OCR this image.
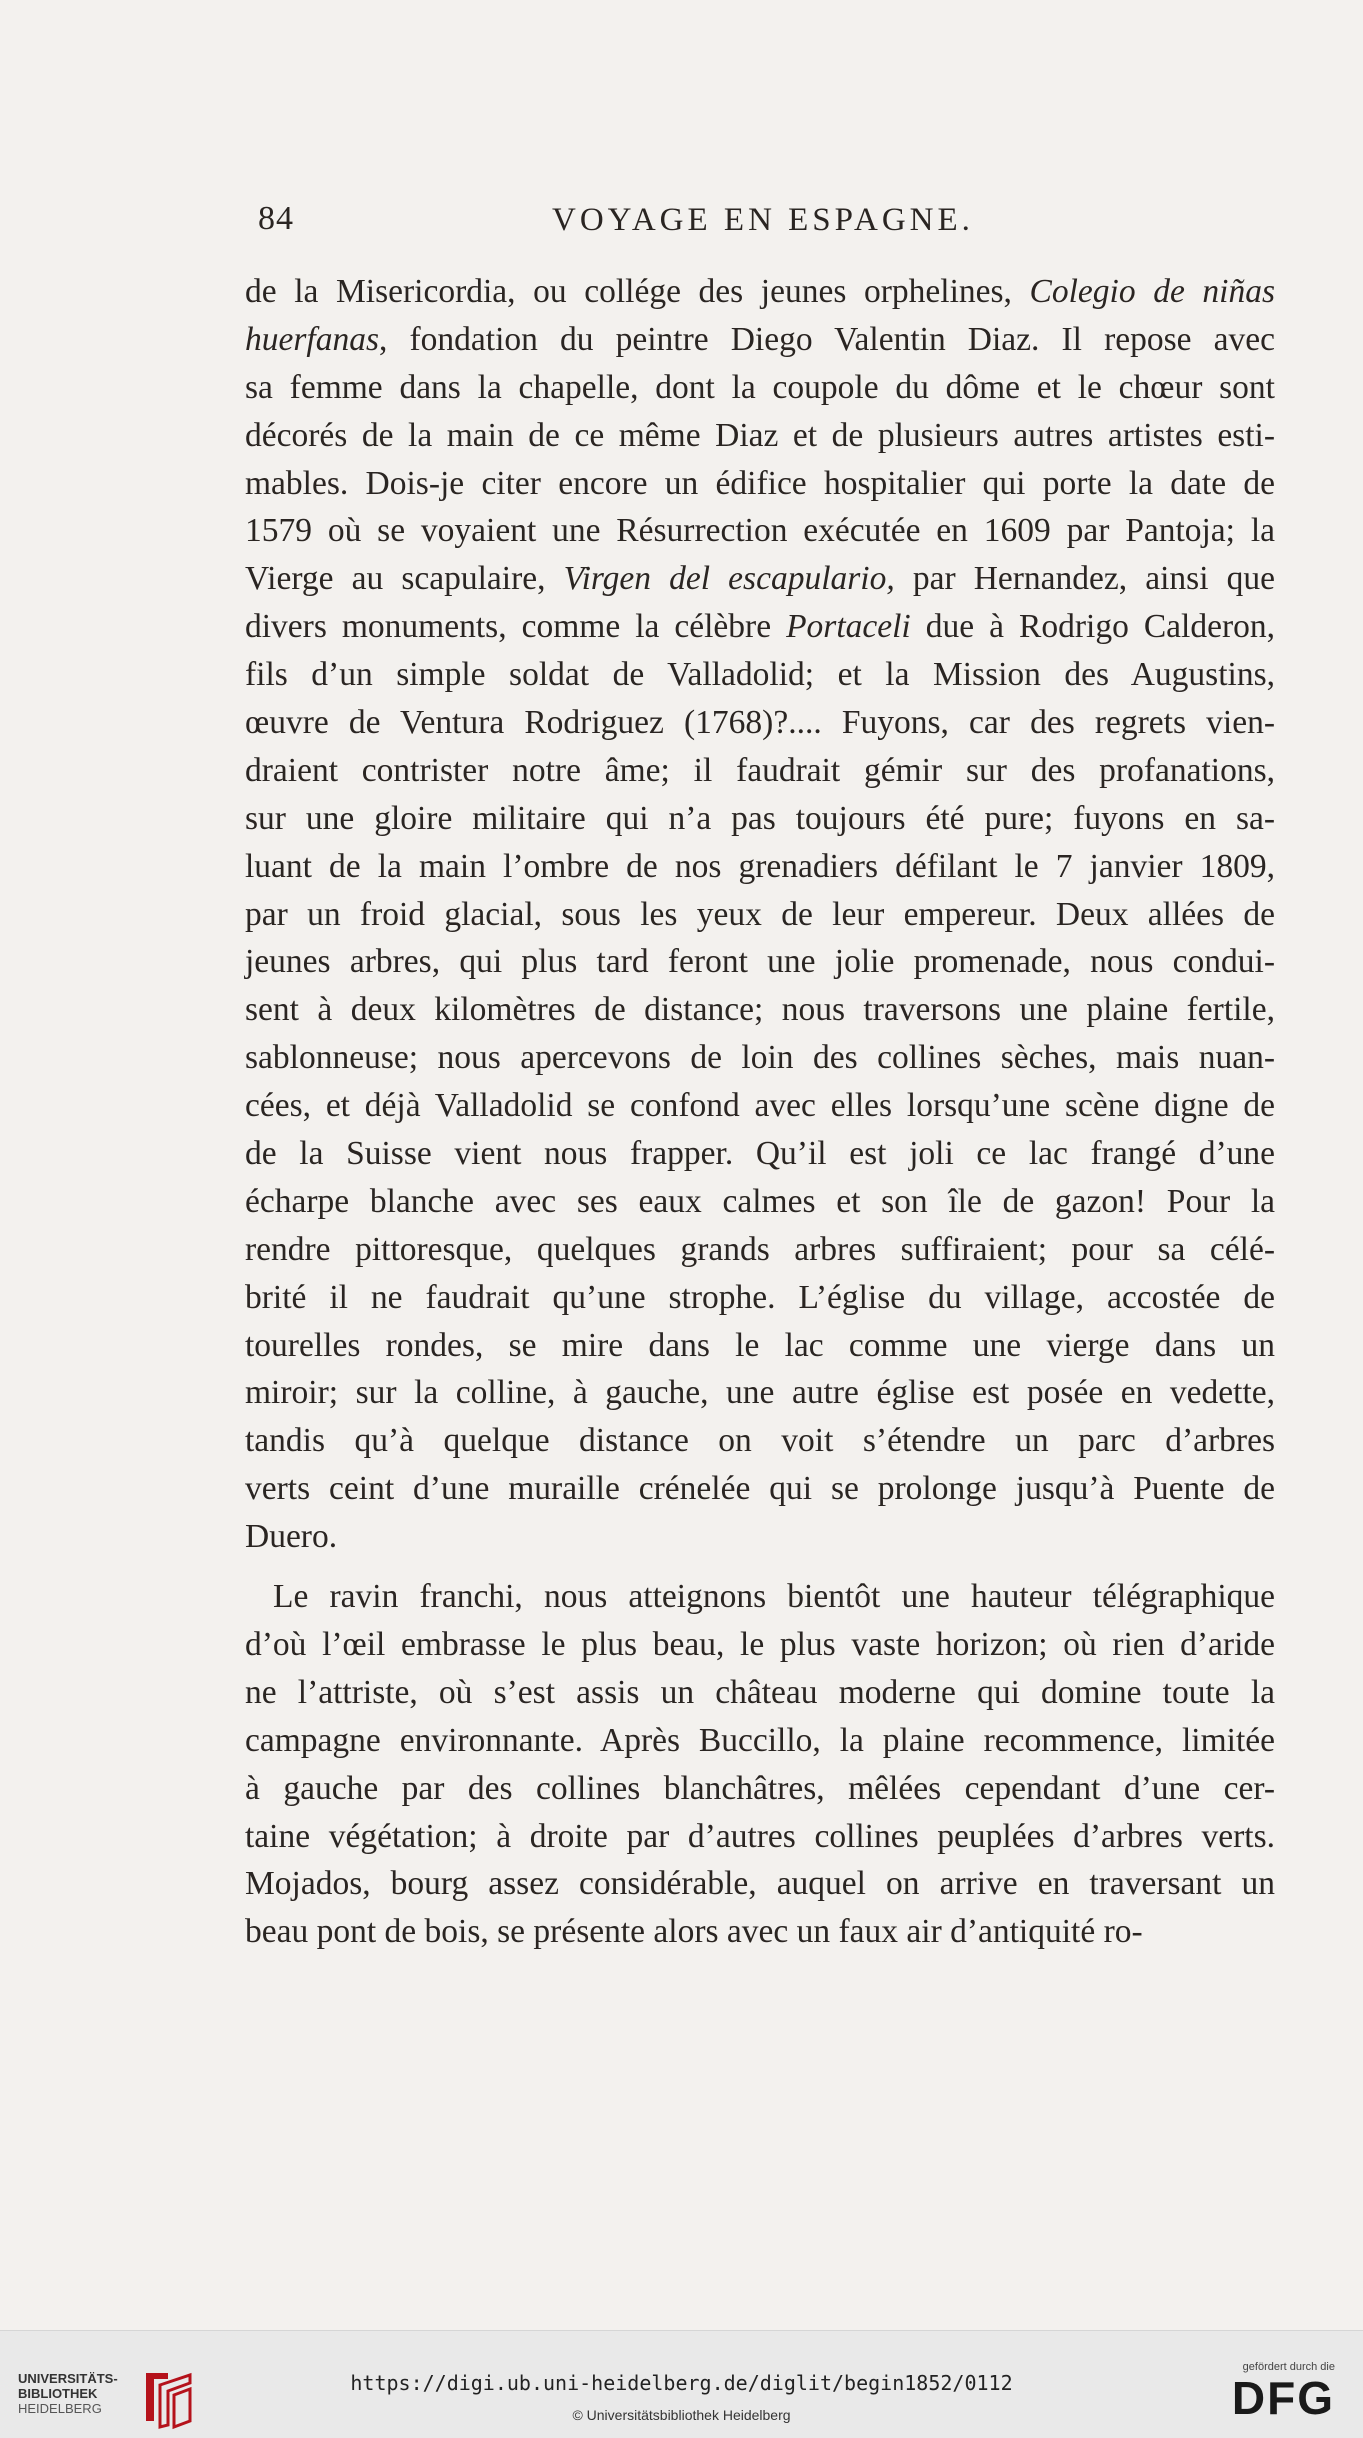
84	VOYAGE EN ESPAGNE.
de la Misericordia, ou collége des jeunes orphelines, Colegio de niñas
huerfanas, fondation du peintre Diego Valentin Diaz. Il repose avec
sa femme dans la chapelle, dont la coupole du dôme et le chœur sont
décorés de la main de ce même Diaz et de plusieurs autres artistes esti-
mables. Dois-je citer encore un édifice hospitalier qui porte la date de
1579 où se voyaient une Résurrection exécutée en 1609 par Pantoja; la
Vierge au scapulaire, Virgen del escapulario, par Hernandez, ainsi que
divers monuments, comme la célèbre Portaceli due à Rodrigo Calderon,
fils d’un simple soldat de Valladolid; et la Mission des Augustins,
œuvre de Ventura Rodriguez (1768)?.... Fuyons, car des regrets vien-
draient contrister notre âme; il faudrait gémir sur des profanations,
sur une gloire militaire qui n’a pas toujours été pure; fuyons en sa-
luant de la main l’ombre de nos grenadiers défilant le 7 janvier 1809,
par un froid glacial, sous les yeux de leur empereur. Deux allées de
jeunes arbres, qui plus tard feront une jolie promenade, nous condui-
sent à deux kilomètres de distance; nous traversons une plaine fertile,
sablonneuse; nous apercevons de loin des collines sèches, mais nuan-
cées, et déjà Valladolid se confond avec elles lorsqu’une scène digne de
de la Suisse vient nous frapper. Qu’il est joli ce lac frangé d’une
écharpe blanche avec ses eaux calmes et son île de gazon! Pour la
rendre pittoresque, quelques grands arbres suffiraient; pour sa célé-
brité il ne faudrait qu’une strophe. L’église du village, accostée de
tourelles rondes, se mire dans le lac comme une vierge dans un
miroir; sur la colline, à gauche, une autre église est posée en vedette,
tandis qu’à quelque distance on voit s’étendre un parc d’arbres
verts ceint d’une muraille crénelée qui se prolonge jusqu’à Puente de
Duero.
Le ravin franchi, nous atteignons bientôt une hauteur télégraphique
d’où l’œil embrasse le plus beau, le plus vaste horizon; où rien d’aride
ne l’attriste, où s’est assis un château moderne qui domine toute la
campagne environnante. Après Buccillo, la plaine recommence, limitée
à gauche par des collines blanchâtres, mêlées cependant d’une cer-
taine végétation; à droite par d’autres collines peuplées d’arbres verts.
Mojados, bourg assez considérable, auquel on arrive en traversant un
beau pont de bois, se présente alors avec un faux air d’antiquité ro-
UNIVERSITÄTS-
BIBLIOTHEK
HEIDELBERG
https://digi.ub.uni-heidelberg.de/diglit/begin1852/0112
© Universitätsbibliothek Heidelberg
gefördert durch die
DFG
